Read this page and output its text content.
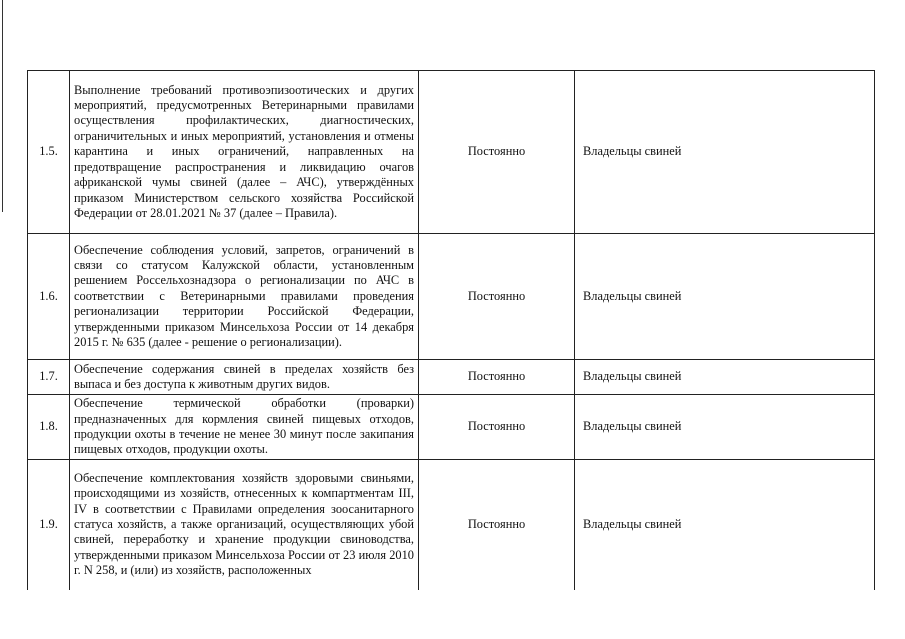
1.5.	Выполнение требований противоэпизоотических и других мероприятий, предусмотренных Ветеринарными правилами осуществления профилактических, диагностических, ограничительных и иных мероприятий, установления и отмены карантина и иных ограничений, направленных на предотвращение распространения и ликвидацию очагов африканской чумы свиней (далее – АЧС), утверждённых приказом Министерством сельского хозяйства Российской Федерации от 28.01.2021 № 37 (далее – Правила).	Постоянно	Владельцы свиней
1.6.	Обеспечение соблюдения условий, запретов, ограничений в связи со статусом Калужской области, установленным решением Россельхознадзора о регионализации по АЧС в соответствии с Ветеринарными правилами проведения регионализации территории Российской Федерации, утвержденными приказом Минсельхоза России от 14 декабря 2015 г. № 635 (далее - решение о регионализации).	Постоянно	Владельцы свиней
1.7.	Обеспечение содержания свиней в пределах хозяйств без выпаса и без доступа к животным других видов.	Постоянно	Владельцы свиней
1.8.	Обеспечение термической обработки (проварки) предназначенных для кормления свиней пищевых отходов, продукции охоты в течение не менее 30 минут после закипания пищевых отходов, продукции охоты.	Постоянно	Владельцы свиней
1.9.	Обеспечение комплектования хозяйств здоровыми свиньями, происходящими из хозяйств, отнесенных к компартментам III, IV в соответствии с Правилами определения зоосанитарного статуса хозяйств, а также организаций, осуществляющих убой свиней, переработку и хранение продукции свиноводства, утвержденными приказом Минсельхоза России от 23 июля 2010 г. N 258, и (или) из хозяйств, расположенных	Постоянно	Владельцы свиней
